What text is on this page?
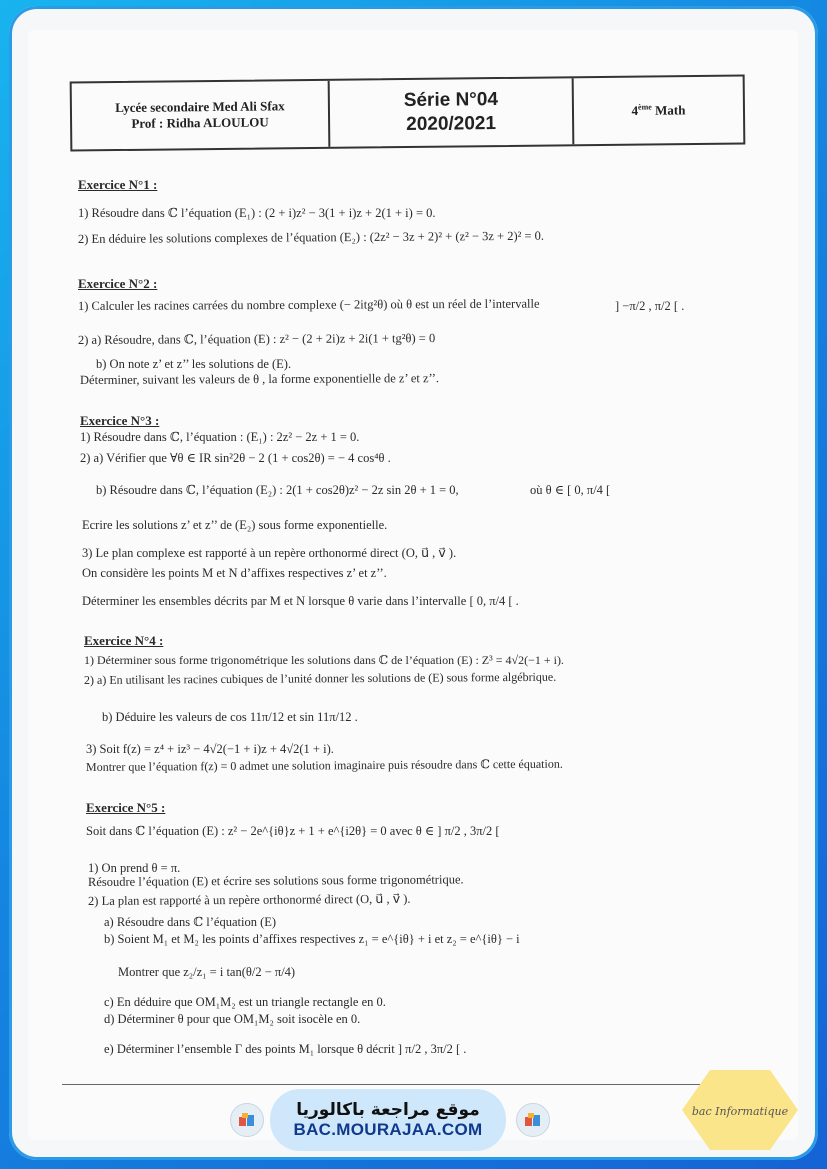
Lycée secondaire Med Ali Sfax
Prof : Ridha ALOULOU
Série N°04
2020/2021
4ème Math
Exercice N°1 :
1) Résoudre dans ℂ l’équation (E₁) : (2 + i)z² − 3(1 + i)z + 2(1 + i) = 0.
2) En déduire les solutions complexes de l’équation (E₂) : (2z² − 3z + 2)² + (z² − 3z + 2)² = 0.
Exercice N°2 :
1) Calculer les racines carrées du nombre complexe (− 2itg²θ) où θ est un réel de l’intervalle	] −π/2 , π/2 [ .
2) a) Résoudre, dans ℂ, l’équation (E) : z² − (2 + 2i)z + 2i(1 + tg²θ) = 0
b) On note z’ et z’’ les solutions de (E).
Déterminer, suivant les valeurs de θ , la forme exponentielle de z’ et z’’.
Exercice N°3 :
1) Résoudre dans ℂ, l’équation : (E₁) : 2z² − 2z + 1 = 0.
2) a) Vérifier que ∀θ ∈ IR sin²2θ − 2 (1 + cos2θ) = − 4 cos⁴θ .
b) Résoudre dans ℂ, l’équation (E₂) : 2(1 + cos2θ)z² − 2z sin 2θ + 1 = 0,	où θ ∈ [ 0, π/4 [
Ecrire les solutions z’ et z’’ de (E₂) sous forme exponentielle.
3) Le plan complexe est rapporté à un repère orthonormé direct (O, u⃗ , v⃗ ).
On considère les points M et N d’affixes respectives z’ et z’’.
Déterminer les ensembles décrits par M et N lorsque θ varie dans l’intervalle [ 0, π/4 [ .
Exercice N°4 :
1) Déterminer sous forme trigonométrique les solutions dans ℂ de l’équation (E) : Z³ = 4√2(−1 + i).
2) a) En utilisant les racines cubiques de l’unité donner les solutions de (E) sous forme algébrique.
b) Déduire les valeurs de cos 11π/12 et sin 11π/12 .
3) Soit f(z) = z⁴ + iz³ − 4√2(−1 + i)z + 4√2(1 + i).
Montrer que l’équation f(z) = 0 admet une solution imaginaire puis résoudre dans ℂ cette équation.
Exercice N°5 :
Soit dans ℂ l’équation (E) : z² − 2e^{iθ}z + 1 + e^{i2θ} = 0 avec θ ∈ ] π/2 , 3π/2 [
1) On prend θ = π.
Résoudre l’équation (E) et écrire ses solutions sous forme trigonométrique.
2) La plan est rapporté à un repère orthonormé direct (O, u⃗ , v⃗ ).
a) Résoudre dans ℂ l’équation (E)
b) Soient M₁ et M₂ les points d’affixes respectives z₁ = e^{iθ} + i et z₂ = e^{iθ} − i
Montrer que z₂/z₁ = i tan(θ/2 − π/4)
c) En déduire que OM₁M₂ est un triangle rectangle en 0.
d) Déterminer θ pour que OM₁M₂ soit isocèle en 0.
e) Déterminer l’ensemble Γ des points M₁ lorsque θ décrit ] π/2 , 3π/2 [ .
موقع مراجعة باكالوريا
BAC.MOURAJAA.COM
bac Informatique
